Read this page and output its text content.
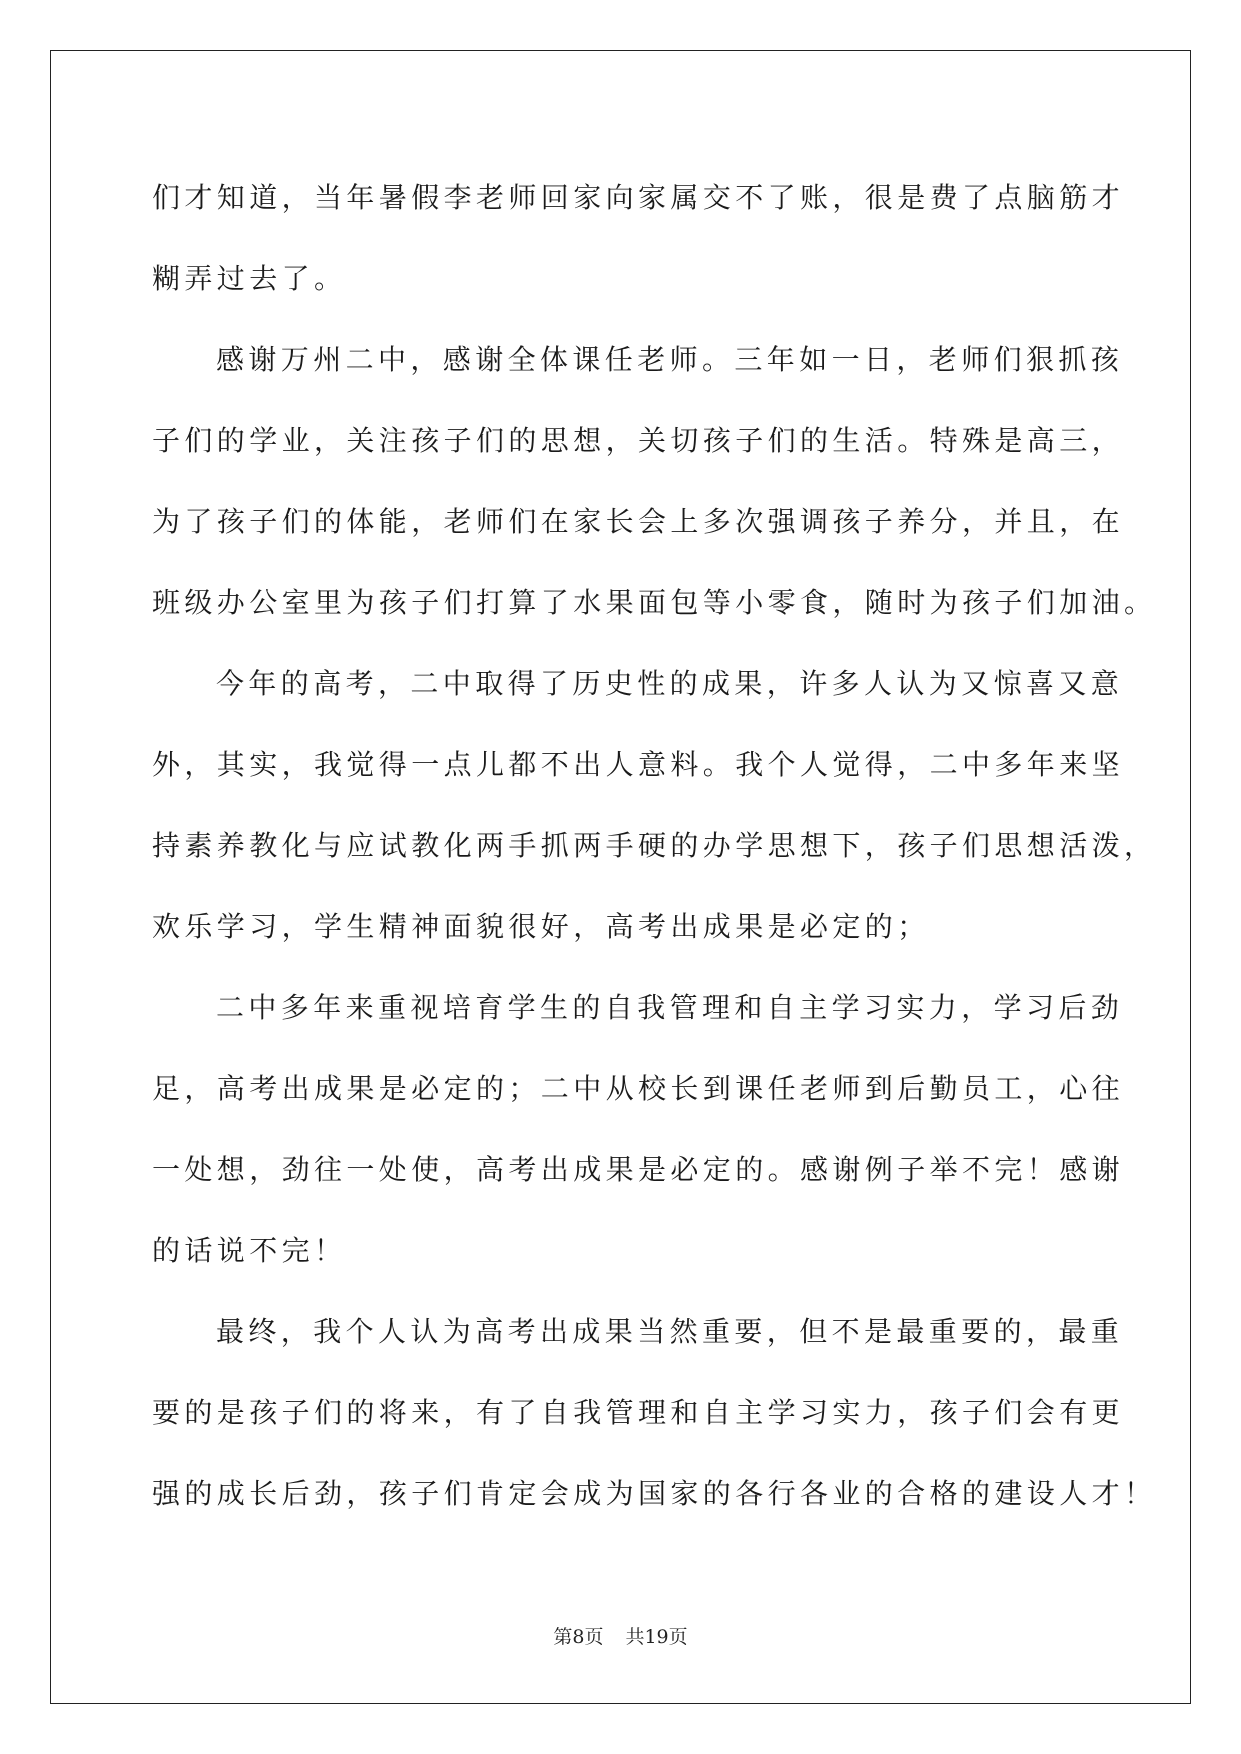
们才知道，当年暑假李老师回家向家属交不了账，很是费了点脑筋才
糊弄过去了。
感谢万州二中，感谢全体课任老师。三年如一日，老师们狠抓孩
子们的学业，关注孩子们的思想，关切孩子们的生活。特殊是高三，
为了孩子们的体能，老师们在家长会上多次强调孩子养分，并且，在
班级办公室里为孩子们打算了水果面包等小零食，随时为孩子们加油。
今年的高考，二中取得了历史性的成果，许多人认为又惊喜又意
外，其实，我觉得一点儿都不出人意料。我个人觉得，二中多年来坚
持素养教化与应试教化两手抓两手硬的办学思想下，孩子们思想活泼，
欢乐学习，学生精神面貌很好，高考出成果是必定的；
二中多年来重视培育学生的自我管理和自主学习实力，学习后劲
足，高考出成果是必定的；二中从校长到课任老师到后勤员工，心往
一处想，劲往一处使，高考出成果是必定的。感谢例子举不完！感谢
的话说不完！
最终，我个人认为高考出成果当然重要，但不是最重要的，最重
要的是孩子们的将来，有了自我管理和自主学习实力，孩子们会有更
强的成长后劲，孩子们肯定会成为国家的各行各业的合格的建设人才！
第8页 共19页
